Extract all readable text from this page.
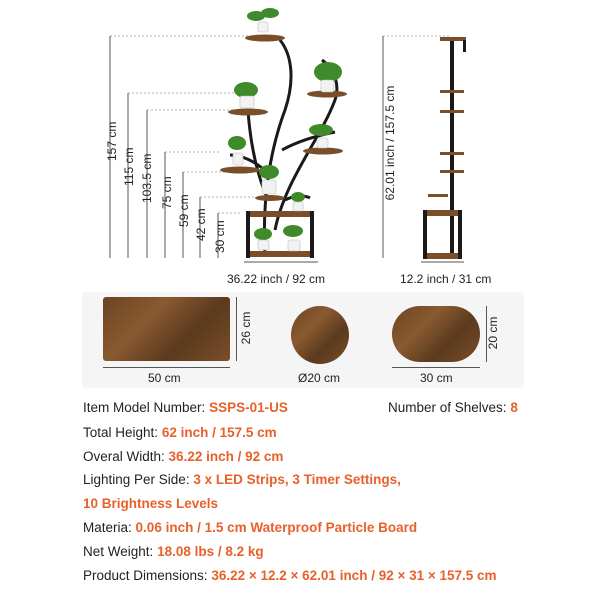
157 cm
115 cm 103.5 cm 75 cm
59 cm 42 cm 30 cm
62.01 inch / 157.5 cm
36.22 inch / 92 cm	12.2 inch / 31 cm
50 cm
26 cm
Ø20 cm	30 cm
20 cm
Item Model Number: SSPS-01-US	Number of Shelves: 8
Total Height: 62 inch / 157.5 cm
Overal Width: 36.22 inch / 92 cm
Lighting Per Side: 3 x LED Strips, 3 Timer Settings,
10 Brightness Levels
Materia: 0.06 inch / 1.5 cm Waterproof Particle Board
Net Weight: 18.08 lbs / 8.2 kg
Product Dimensions: 36.22 × 12.2 × 62.01 inch / 92 × 31 × 157.5 cm
